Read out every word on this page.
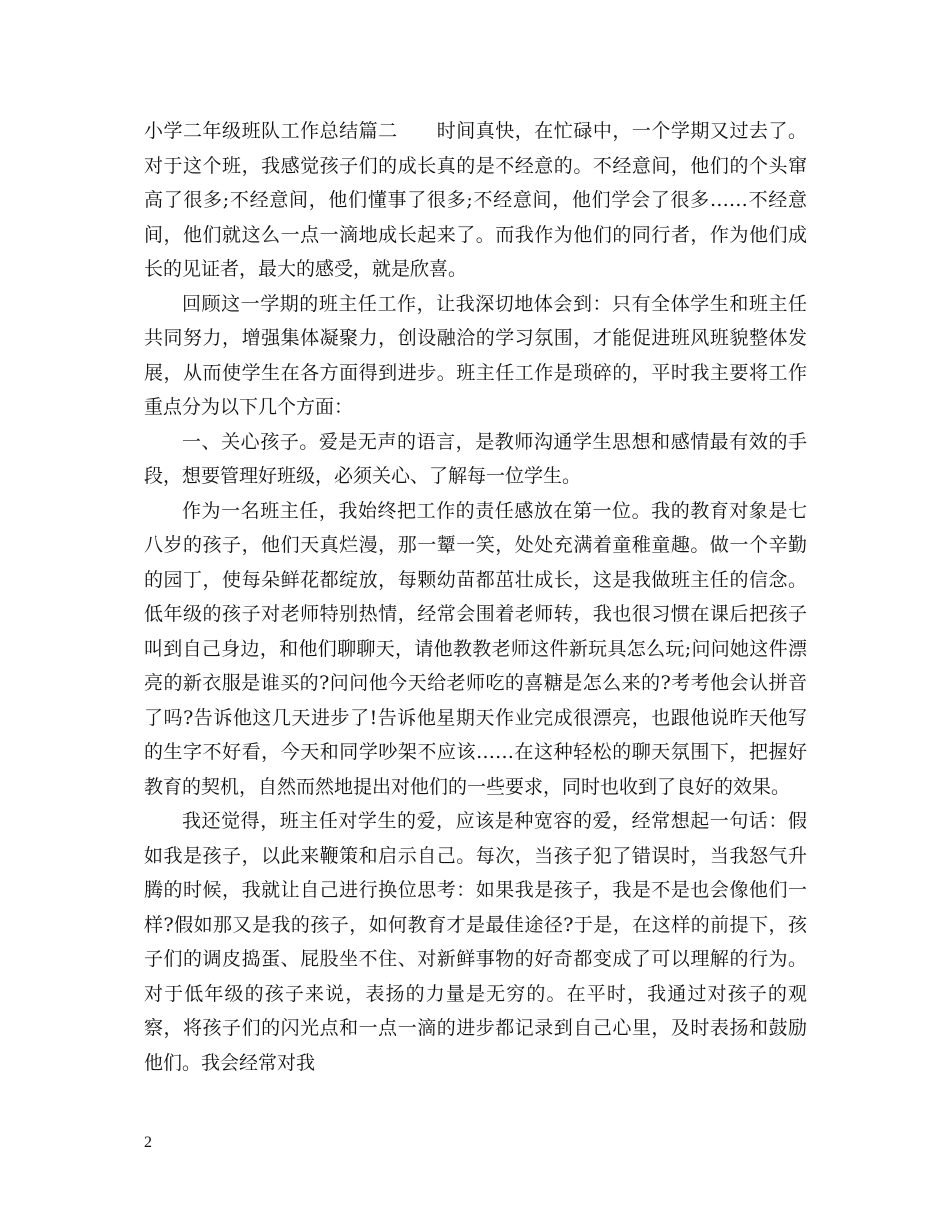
小学二年级班队工作总结篇二　　时间真快，在忙碌中，一个学期又过去了。对于这个班，我感觉孩子们的成长真的是不经意的。不经意间，他们的个头窜高了很多;不经意间，他们懂事了很多;不经意间，他们学会了很多……不经意间，他们就这么一点一滴地成长起来了。而我作为他们的同行者，作为他们成长的见证者，最大的感受，就是欣喜。

回顾这一学期的班主任工作，让我深切地体会到：只有全体学生和班主任共同努力，增强集体凝聚力，创设融洽的学习氛围，才能促进班风班貌整体发展，从而使学生在各方面得到进步。班主任工作是琐碎的，平时我主要将工作重点分为以下几个方面：

一、关心孩子。爱是无声的语言，是教师沟通学生思想和感情最有效的手段，想要管理好班级，必须关心、了解每一位学生。

作为一名班主任，我始终把工作的责任感放在第一位。我的教育对象是七八岁的孩子，他们天真烂漫，那一颦一笑，处处充满着童稚童趣。做一个辛勤的园丁，使每朵鲜花都绽放，每颗幼苗都茁壮成长，这是我做班主任的信念。低年级的孩子对老师特别热情，经常会围着老师转，我也很习惯在课后把孩子叫到自己身边，和他们聊聊天，请他教教老师这件新玩具怎么玩;问问她这件漂亮的新衣服是谁买的?问问他今天给老师吃的喜糖是怎么来的?考考他会认拼音了吗?告诉他这几天进步了!告诉他星期天作业完成很漂亮，也跟他说昨天他写的生字不好看，今天和同学吵架不应该……在这种轻松的聊天氛围下，把握好教育的契机，自然而然地提出对他们的一些要求，同时也收到了良好的效果。

我还觉得，班主任对学生的爱，应该是种宽容的爱，经常想起一句话：假如我是孩子，以此来鞭策和启示自己。每次，当孩子犯了错误时，当我怒气升腾的时候，我就让自己进行换位思考：如果我是孩子，我是不是也会像他们一样?假如那又是我的孩子，如何教育才是最佳途径?于是，在这样的前提下，孩子们的调皮捣蛋、屁股坐不住、对新鲜事物的好奇都变成了可以理解的行为。对于低年级的孩子来说，表扬的力量是无穷的。在平时，我通过对孩子的观察，将孩子们的闪光点和一点一滴的进步都记录到自己心里，及时表扬和鼓励他们。我会经常对我

2
